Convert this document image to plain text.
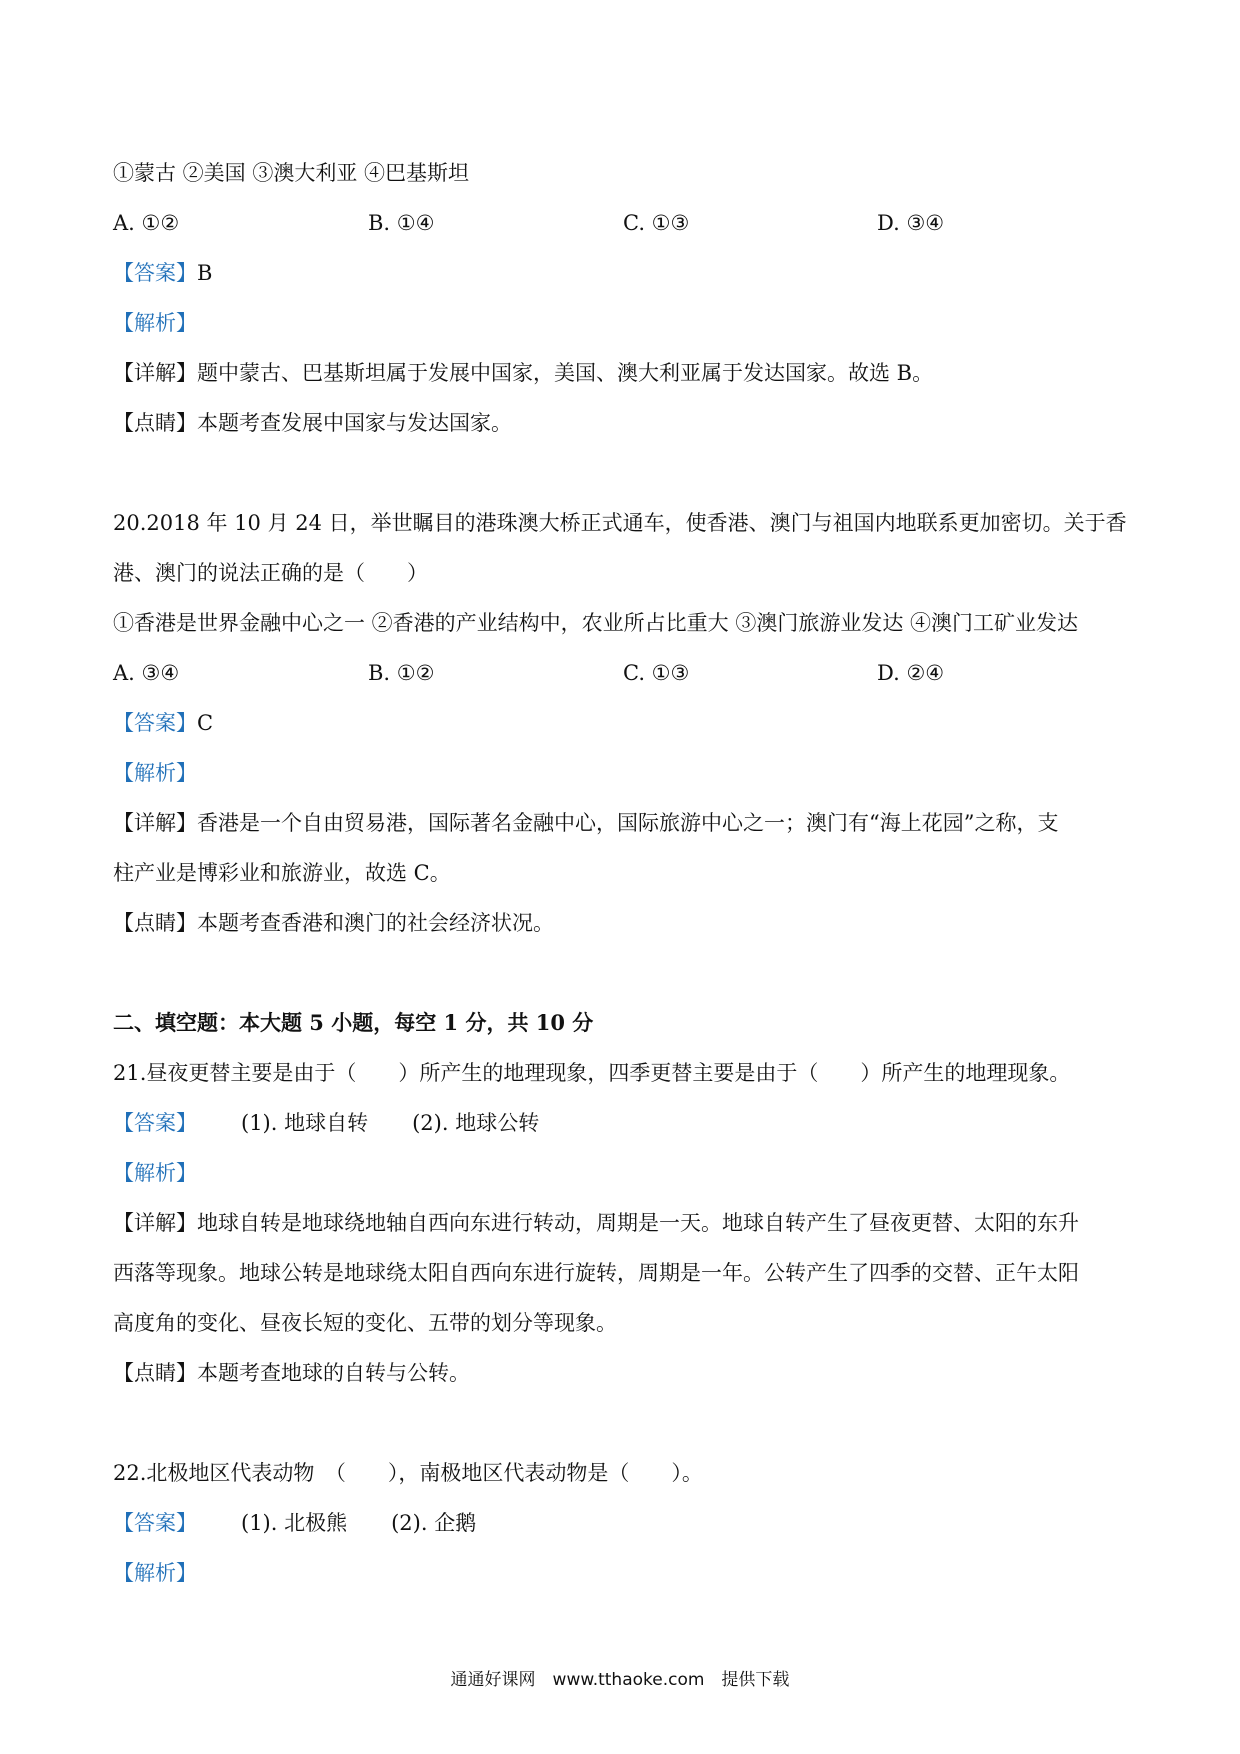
①蒙古 ②美国 ③澳大利亚 ④巴基斯坦
A. ①②	B. ①④	C. ①③	D. ③④
【答案】B
【解析】
【详解】题中蒙古、巴基斯坦属于发展中国家，美国、澳大利亚属于发达国家。故选 B。
【点睛】本题考查发展中国家与发达国家。
20.2018 年 10 月 24 日，举世瞩目的港珠澳大桥正式通车，使香港、澳门与祖国内地联系更加密切。关于香
港、澳门的说法正确的是（　　）
①香港是世界金融中心之一 ②香港的产业结构中，农业所占比重大 ③澳门旅游业发达 ④澳门工矿业发达
A. ③④	B. ①②	C. ①③	D. ②④
【答案】C
【解析】
【详解】香港是一个自由贸易港，国际著名金融中心，国际旅游中心之一；澳门有“海上花园”之称，支
柱产业是博彩业和旅游业，故选 C。
【点睛】本题考查香港和澳门的社会经济状况。
二、填空题：本大题 5 小题，每空 1 分，共 10 分
21.昼夜更替主要是由于（　　）所产生的地理现象，四季更替主要是由于（　　）所产生的地理现象。
【答案】 (1). 地球自转 (2). 地球公转
【解析】
【详解】地球自转是地球绕地轴自西向东进行转动，周期是一天。地球自转产生了昼夜更替、太阳的东升
西落等现象。地球公转是地球绕太阳自西向东进行旋转，周期是一年。公转产生了四季的交替、正午太阳
高度角的变化、昼夜长短的变化、五带的划分等现象。
【点睛】本题考查地球的自转与公转。
22.北极地区代表动物　（　　），南极地区代表动物是（　　）。
【答案】 (1). 北极熊 (2). 企鹅
【解析】
通通好课网　www.tthaoke.com　提供下载
